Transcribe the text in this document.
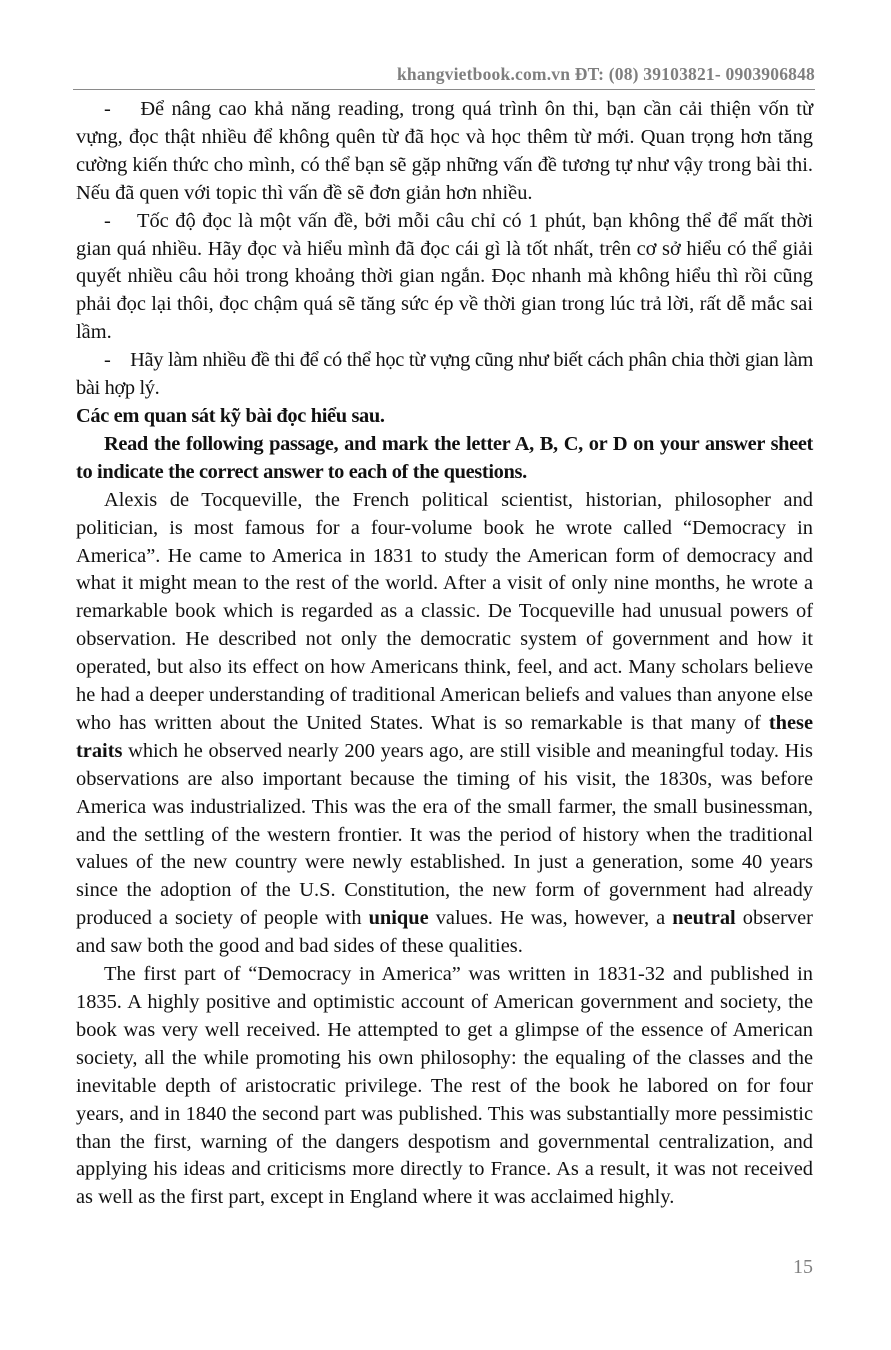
khangvietbook.com.vn ĐT: (08) 39103821- 0903906848

- Để nâng cao khả năng reading, trong quá trình ôn thi, bạn cần cải thiện vốn từ vựng, đọc thật nhiều để không quên từ đã học và học thêm từ mới. Quan trọng hơn tăng cường kiến thức cho mình, có thể bạn sẽ gặp những vấn đề tương tự như vậy trong bài thi. Nếu đã quen với topic thì vấn đề sẽ đơn giản hơn nhiều.

- Tốc độ đọc là một vấn đề, bởi mỗi câu chỉ có 1 phút, bạn không thể để mất thời gian quá nhiều. Hãy đọc và hiểu mình đã đọc cái gì là tốt nhất, trên cơ sở hiểu có thể giải quyết nhiều câu hỏi trong khoảng thời gian ngắn. Đọc nhanh mà không hiểu thì rồi cũng phải đọc lại thôi, đọc chậm quá sẽ tăng sức ép về thời gian trong lúc trả lời, rất dễ mắc sai lầm.

- Hãy làm nhiều đề thi để có thể học từ vựng cũng như biết cách phân chia thời gian làm bài hợp lý.

Các em quan sát kỹ bài đọc hiểu sau.

Read the following passage, and mark the letter A, B, C, or D on your answer sheet to indicate the correct answer to each of the questions.

Alexis de Tocqueville, the French political scientist, historian, philosopher and politician, is most famous for a four-volume book he wrote called “Democracy in America”. He came to America in 1831 to study the American form of democracy and what it might mean to the rest of the world. After a visit of only nine months, he wrote a remarkable book which is regarded as a classic. De Tocqueville had unusual powers of observation. He described not only the democratic system of government and how it operated, but also its effect on how Americans think, feel, and act. Many scholars believe he had a deeper understanding of traditional American beliefs and values than anyone else who has written about the United States. What is so remarkable is that many of these traits which he observed nearly 200 years ago, are still visible and meaningful today. His observations are also important because the timing of his visit, the 1830s, was before America was industrialized. This was the era of the small farmer, the small businessman, and the settling of the western frontier. It was the period of history when the traditional values of the new country were newly established. In just a generation, some 40 years since the adoption of the U.S. Constitution, the new form of government had already produced a society of people with unique values. He was, however, a neutral observer and saw both the good and bad sides of these qualities.

The first part of “Democracy in America” was written in 1831-32 and published in 1835. A highly positive and optimistic account of American government and society, the book was very well received. He attempted to get a glimpse of the essence of American society, all the while promoting his own philosophy: the equaling of the classes and the inevitable depth of aristocratic privilege. The rest of the book he labored on for four years, and in 1840 the second part was published. This was substantially more pessimistic than the first, warning of the dangers despotism and governmental centralization, and applying his ideas and criticisms more directly to France. As a result, it was not received as well as the first part, except in England where it was acclaimed highly.

15
